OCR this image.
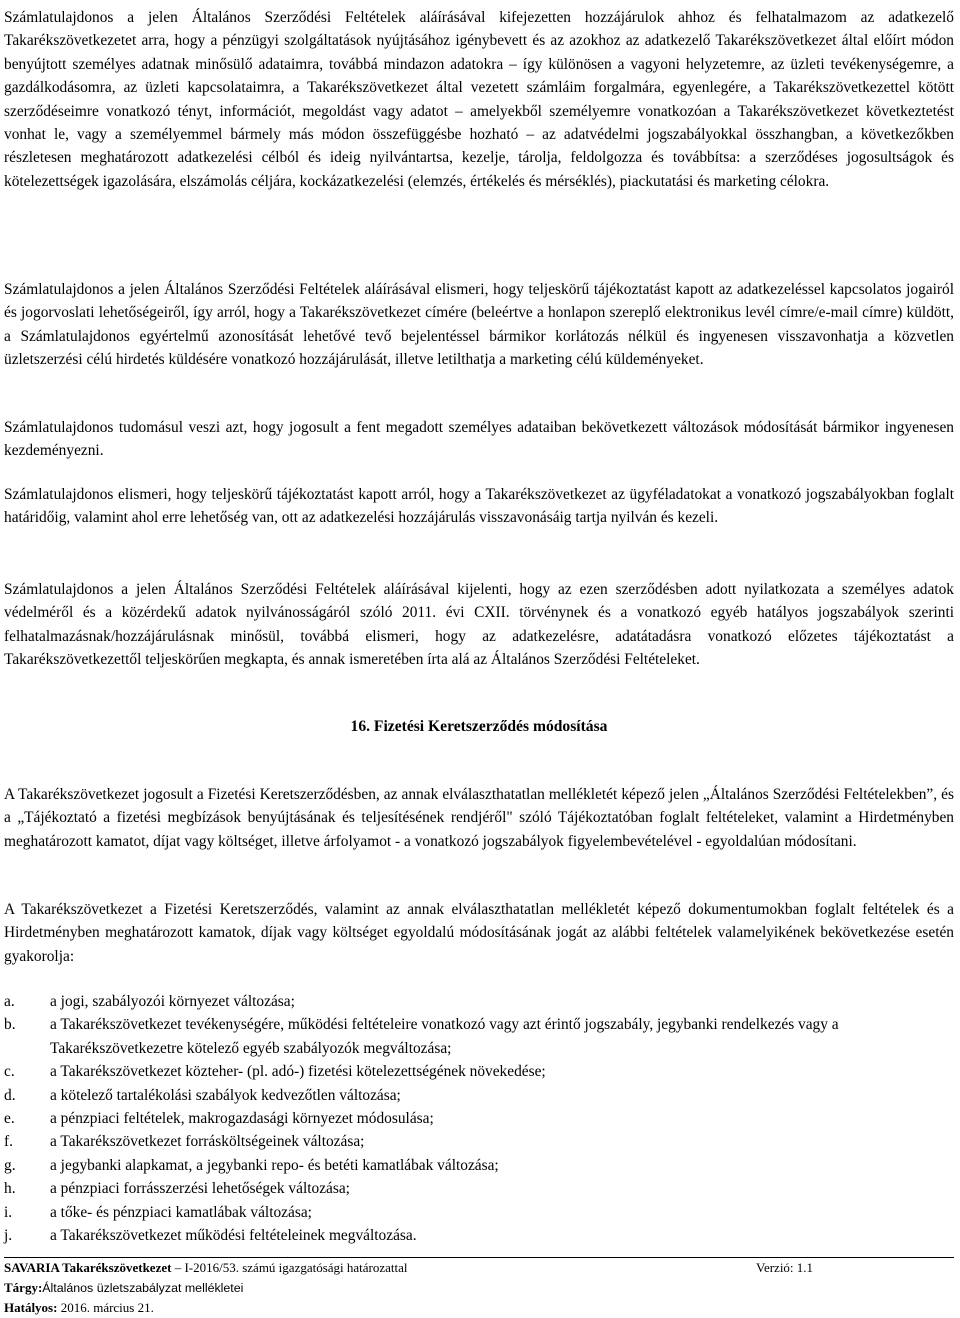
Számlatulajdonos a jelen Általános Szerződési Feltételek aláírásával kifejezetten hozzájárulok ahhoz és felhatalmazom az adatkezelő Takarékszövetkezetet arra, hogy a pénzügyi szolgáltatások nyújtásához igénybevett és az azokhoz az adatkezelő Takarékszövetkezet által előírt módon benyújtott személyes adatnak minősülő adataimra, továbbá mindazon adatokra – így különösen a vagyoni helyzetemre, az üzleti tevékenységemre, a gazdálkodásomra, az üzleti kapcsolataimra, a Takarékszövetkezet által vezetett számláim forgalmára, egyenlegére, a Takarékszövetkezettel kötött szerződéseimre vonatkozó tényt, információt, megoldást vagy adatot – amelyekből személyemre vonatkozóan a Takarékszövetkezet következtetést vonhat le, vagy a személyemmel bármely más módon összefüggésbe hozható – az adatvédelmi jogszabályokkal összhangban, a következőkben részletesen meghatározott adatkezelési célból és ideig nyilvántartsa, kezelje, tárolja, feldolgozza és továbbítsa: a szerződéses jogosultságok és kötelezettségek igazolására, elszámolás céljára, kockázatkezelési (elemzés, értékelés és mérséklés), piackutatási és marketing célokra.

Számlatulajdonos a jelen Általános Szerződési Feltételek aláírásával elismeri, hogy teljeskörű tájékoztatást kapott az adatkezeléssel kapcsolatos jogairól és jogorvoslati lehetőségeiről, így arról, hogy a Takarékszövetkezet címére (beleértve a honlapon szereplő elektronikus levél címre/e-mail címre) küldött, a Számlatulajdonos egyértelmű azonosítását lehetővé tevő bejelentéssel bármikor korlátozás nélkül és ingyenesen visszavonhatja a közvetlen üzletszerzési célú hirdetés küldésére vonatkozó hozzájárulását, illetve letilthatja a marketing célú küldeményeket.

Számlatulajdonos tudomásul veszi azt, hogy jogosult a fent megadott személyes adataiban bekövetkezett változások módosítását bármikor ingyenesen kezdeményezni.

Számlatulajdonos elismeri, hogy teljeskörű tájékoztatást kapott arról, hogy a Takarékszövetkezet az ügyféladatokat a vonatkozó jogszabályokban foglalt határidőig, valamint ahol erre lehetőség van, ott az adatkezelési hozzájárulás visszavonásáig tartja nyilván és kezeli.

Számlatulajdonos a jelen Általános Szerződési Feltételek aláírásával kijelenti, hogy az ezen szerződésben adott nyilatkozata a személyes adatok védelméről és a közérdekű adatok nyilvánosságáról szóló 2011. évi CXII. törvénynek és a vonatkozó egyéb hatályos jogszabályok szerinti felhatalmazásnak/hozzájárulásnak minősül, továbbá elismeri, hogy az adatkezelésre, adatátadásra vonatkozó előzetes tájékoztatást a Takarékszövetkezettől teljeskörűen megkapta, és annak ismeretében írta alá az Általános Szerződési Feltételeket.

16. Fizetési Keretszerződés módosítása

A Takarékszövetkezet jogosult a Fizetési Keretszerződésben, az annak elválaszthatatlan mellékletét képező jelen „Általános Szerződési Feltételekben”, és a „Tájékoztató a fizetési megbízások benyújtásának és teljesítésének rendjéről" szóló Tájékoztatóban foglalt feltételeket, valamint a Hirdetményben meghatározott kamatot, díjat vagy költséget, illetve árfolyamot - a vonatkozó jogszabályok figyelembevételével - egyoldalúan módosítani.

A Takarékszövetkezet a Fizetési Keretszerződés, valamint az annak elválaszthatatlan mellékletét képező dokumentumokban foglalt feltételek és a Hirdetményben meghatározott kamatok, díjak vagy költséget egyoldalú módosításának jogát az alábbi feltételek valamelyikének bekövetkezése esetén gyakorolja:

a.	a jogi, szabályozói környezet változása;
b.	a Takarékszövetkezet tevékenységére, működési feltételeire vonatkozó vagy azt érintő jogszabály, jegybanki rendelkezés vagy a Takarékszövetkezetre kötelező egyéb szabályozók megváltozása;
c.	a Takarékszövetkezet közteher- (pl. adó-) fizetési kötelezettségének növekedése;
d.	a kötelező tartalékolási szabályok kedvezőtlen változása;
e.	a pénzpiaci feltételek, makrogazdasági környezet módosulása;
f.	a Takarékszövetkezet forrásköltségeinek változása;
g.	a jegybanki alapkamat, a jegybanki repo- és betéti kamatlábak változása;
h.	a pénzpiaci forrásszerzési lehetőségek változása;
i.	a tőke- és pénzpiaci kamatlábak változása;
j.	a Takarékszövetkezet működési feltételeinek megváltozása.
SAVARIA Takarékszövetkezet – I-2016/53. számú igazgatósági határozattal	Verzió: 1.1
Tárgy: Általános üzletszabályzat mellékletei
Hatályos: 2016. március 21.
